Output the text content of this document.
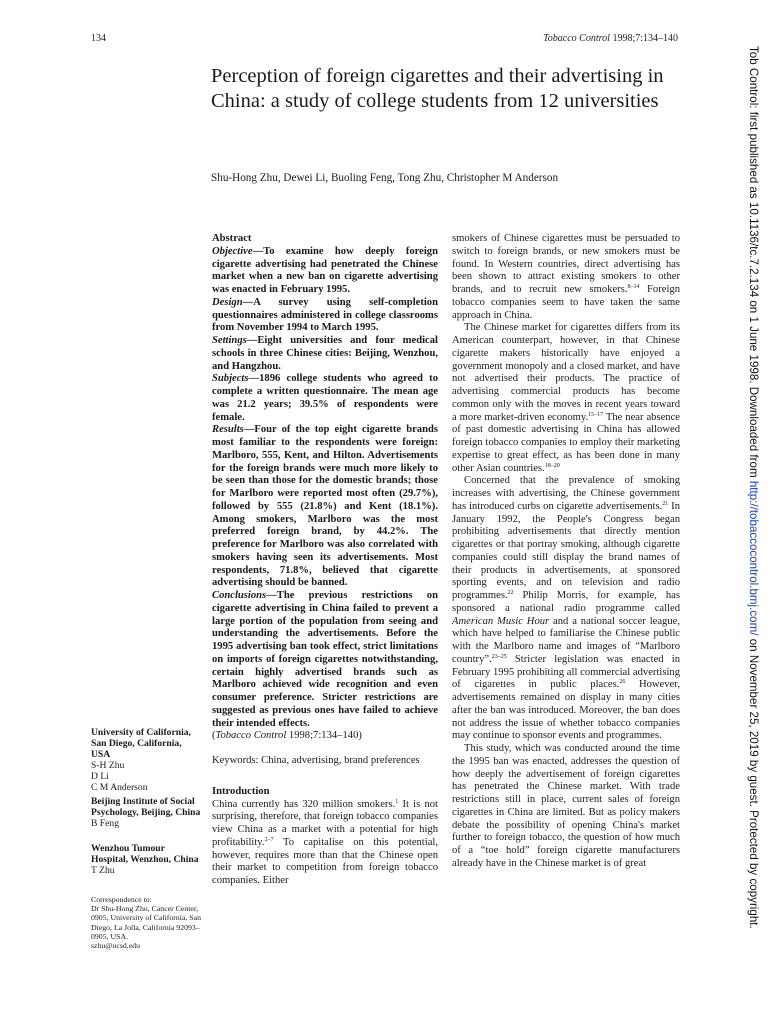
134	Tobacco Control 1998;7:134–140
Perception of foreign cigarettes and their advertising in China: a study of college students from 12 universities
Shu-Hong Zhu, Dewei Li, Buoling Feng, Tong Zhu, Christopher M Anderson

Abstract

Objective—To examine how deeply foreign cigarette advertising had penetrated the Chinese market when a new ban on cigarette advertising was enacted in February 1995.

Design—A survey using self-completion questionnaires administered in college classrooms from November 1994 to March 1995.

Settings—Eight universities and four medical schools in three Chinese cities: Beijing, Wenzhou, and Hangzhou.

Subjects—1896 college students who agreed to complete a written questionnaire. The mean age was 21.2 years; 39.5% of respondents were female.

Results—Four of the top eight cigarette brands most familiar to the respondents were foreign: Marlboro, 555, Kent, and Hilton. Advertisements for the foreign brands were much more likely to be seen than those for the domestic brands; those for Marlboro were reported most often (29.7%), followed by 555 (21.8%) and Kent (18.1%). Among smokers, Marlboro was the most preferred foreign brand, by 44.2%. The preference for Marlboro was also correlated with smokers having seen its advertisements. Most respondents, 71.8%, believed that cigarette advertising should be banned.

Conclusions—The previous restrictions on cigarette advertising in China failed to prevent a large portion of the population from seeing and understanding the advertisements. Before the 1995 advertising ban took effect, strict limitations on imports of foreign cigarettes notwithstanding, certain highly advertised brands such as Marlboro achieved wide recognition and even consumer preference. Stricter restrictions are suggested as previous ones have failed to achieve their intended effects.

(Tobacco Control 1998;7:134–140)

Keywords: China, advertising, brand preferences

Introduction

China currently has 320 million smokers.$^1$ It is not surprising, therefore, that foreign tobacco companies view China as a market with a potential for high profitability.$^{2-7}$ To capitalise on this potential, however, requires more than that the Chinese open their market to competition from foreign tobacco companies. Either

smokers of Chinese cigarettes must be persuaded to switch to foreign brands, or new smokers must be found. In Western countries, direct advertising has been shown to attract existing smokers to other brands, and to recruit new smokers.$^{8-14}$ Foreign tobacco companies seem to have taken the same approach in China.

The Chinese market for cigarettes differs from its American counterpart, however, in that Chinese cigarette makers historically have enjoyed a government monopoly and a closed market, and have not advertised their products. The practice of advertising commercial products has become common only with the moves in recent years toward a more market-driven economy.$^{15-17}$ The near absence of past domestic advertising in China has allowed foreign tobacco companies to employ their marketing expertise to great effect, as has been done in many other Asian countries.$^{18-20}$

Concerned that the prevalence of smoking increases with advertising, the Chinese government has introduced curbs on cigarette advertisements.$^{21}$ In January 1992, the People's Congress began prohibiting advertisements that directly mention cigarettes or that portray smoking, although cigarette companies could still display the brand names of their products in advertisements, at sponsored sporting events, and on television and radio programmes.$^{22}$ Philip Morris, for example, has sponsored a national radio programme called American Music Hour and a national soccer league, which have helped to familiarise the Chinese public with the Marlboro name and images of “Marlboro country”.$^{23-25}$ Stricter legislation was enacted in February 1995 prohibiting all commercial advertising of cigarettes in public places.$^{26}$ However, advertisements remained on display in many cities after the ban was introduced. Moreover, the ban does not address the issue of whether tobacco companies may continue to sponsor events and programmes.

This study, which was conducted around the time the 1995 ban was enacted, addresses the question of how deeply the advertisement of foreign cigarettes has penetrated the Chinese market. With trade restrictions still in place, current sales of foreign cigarettes in China are limited. But as policy makers debate the possibility of opening China's market further to foreign tobacco, the question of how much of a “toe hold” foreign cigarette manufacturers already have in the Chinese market is of great

University of California, San Diego, California, USA
S-H Zhu
D Li
C M Anderson
Beijing Institute of Social Psychology, Beijing, China
B Feng
Wenzhou Tumour Hospital, Wenzhou, China
T Zhu
Correspondence to:
Dr Shu-Hong Zhu, Cancer Center, 0905, University of California, San Diego, La Jolla, California 92093–0905, USA.
szhu@ucsd.edu
Tob Control: first published as 10.1136/tc.7.2.134 on 1 June 1998. Downloaded from http://tobaccocontrol.bmj.com/ on November 25, 2019 by guest. Protected by copyright.
